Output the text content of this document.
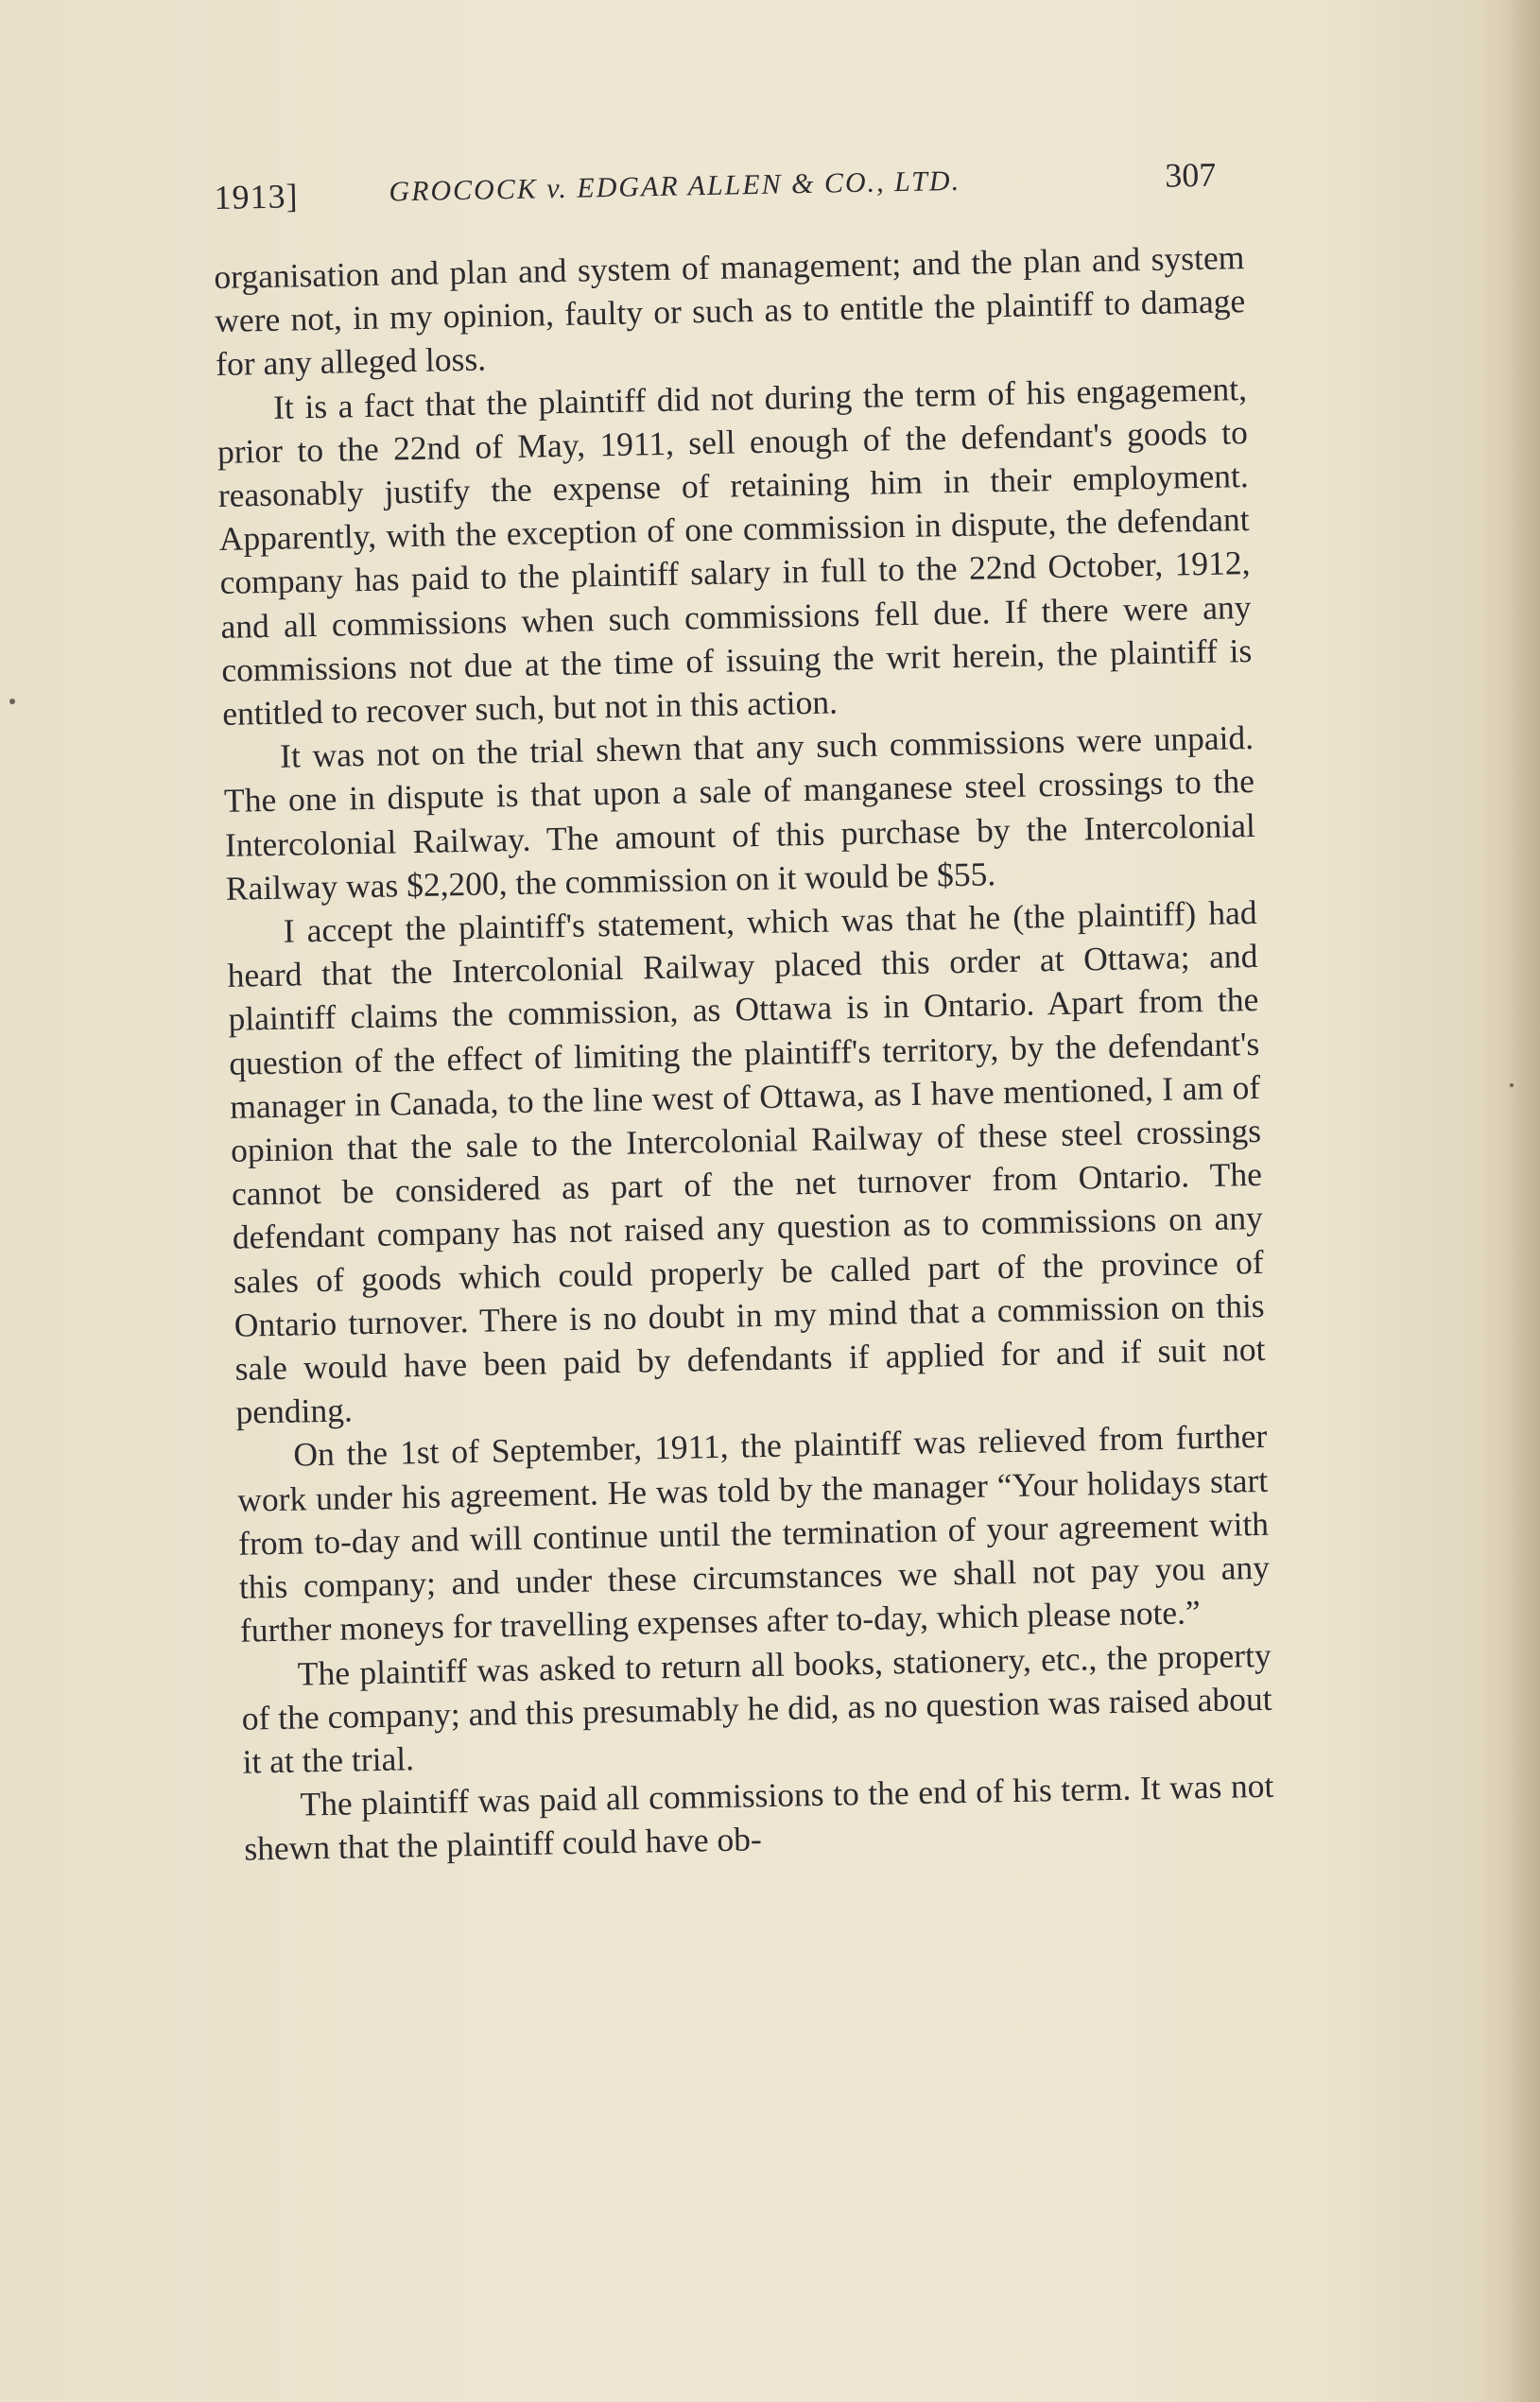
1913]	GROCOCK v. EDGAR ALLEN & CO., LTD.	307

organisation and plan and system of management; and the plan and system were not, in my opinion, faulty or such as to entitle the plaintiff to damage for any alleged loss.

It is a fact that the plaintiff did not during the term of his engagement, prior to the 22nd of May, 1911, sell enough of the defendant's goods to reasonably justify the expense of retaining him in their employment. Apparently, with the exception of one commission in dispute, the defendant company has paid to the plaintiff salary in full to the 22nd October, 1912, and all commissions when such commissions fell due. If there were any commissions not due at the time of issuing the writ herein, the plaintiff is entitled to recover such, but not in this action.

It was not on the trial shewn that any such commissions were unpaid. The one in dispute is that upon a sale of manganese steel crossings to the Intercolonial Railway. The amount of this purchase by the Intercolonial Railway was $2,200, the commission on it would be $55.

I accept the plaintiff's statement, which was that he (the plaintiff) had heard that the Intercolonial Railway placed this order at Ottawa; and plaintiff claims the commission, as Ottawa is in Ontario. Apart from the question of the effect of limiting the plaintiff's territory, by the defendant's manager in Canada, to the line west of Ottawa, as I have mentioned, I am of opinion that the sale to the Intercolonial Railway of these steel crossings cannot be considered as part of the net turnover from Ontario. The defendant company has not raised any question as to commissions on any sales of goods which could properly be called part of the province of Ontario turnover. There is no doubt in my mind that a commission on this sale would have been paid by defendants if applied for and if suit not pending.

On the 1st of September, 1911, the plaintiff was relieved from further work under his agreement. He was told by the manager “Your holidays start from to-day and will continue until the termination of your agreement with this company; and under these circumstances we shall not pay you any further moneys for travelling expenses after to-day, which please note.”

The plaintiff was asked to return all books, stationery, etc., the property of the company; and this presumably he did, as no question was raised about it at the trial.

The plaintiff was paid all commissions to the end of his term. It was not shewn that the plaintiff could have ob-
